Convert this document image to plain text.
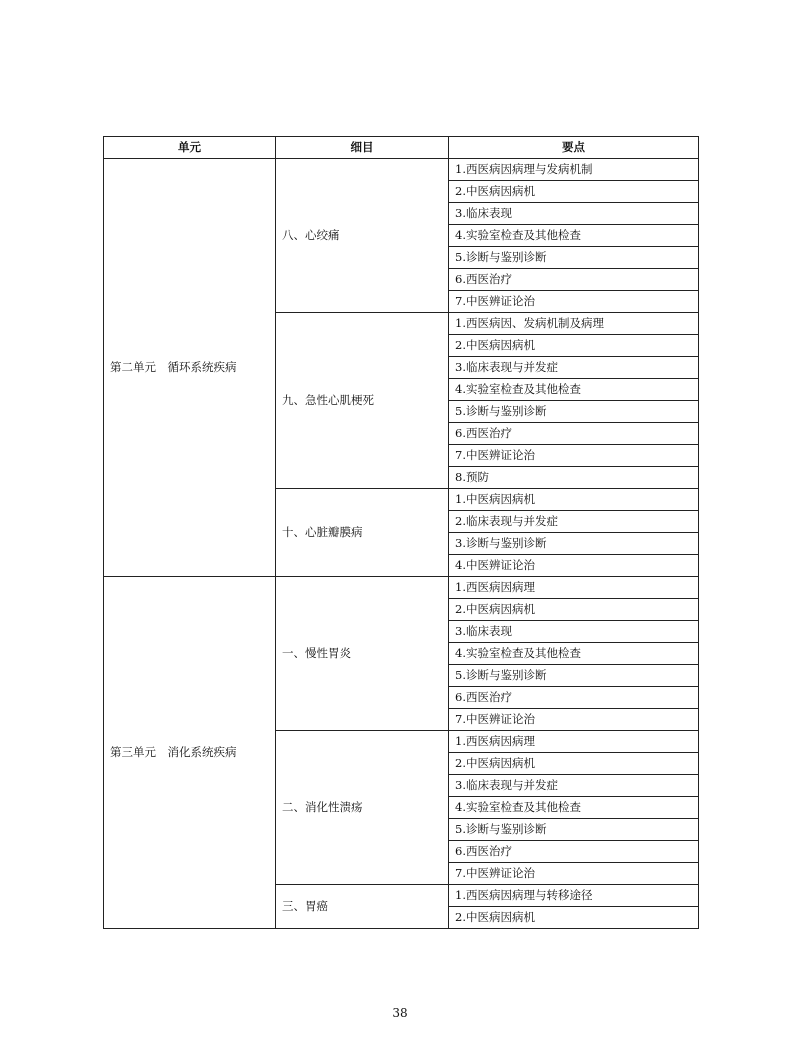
单元	细目	要点
第二单元　循环系统疾病	八、心绞痛	1.西医病因病理与发病机制
		2.中医病因病机
		3.临床表现
		4.实验室检查及其他检查
		5.诊断与鉴别诊断
		6.西医治疗
		7.中医辨证论治
	九、急性心肌梗死	1.西医病因、发病机制及病理
		2.中医病因病机
		3.临床表现与并发症
		4.实验室检查及其他检查
		5.诊断与鉴别诊断
		6.西医治疗
		7.中医辨证论治
		8.预防
	十、心脏瓣膜病	1.中医病因病机
		2.临床表现与并发症
		3.诊断与鉴别诊断
		4.中医辨证论治
第三单元　消化系统疾病	一、慢性胃炎	1.西医病因病理
		2.中医病因病机
		3.临床表现
		4.实验室检查及其他检查
		5.诊断与鉴别诊断
		6.西医治疗
		7.中医辨证论治
	二、消化性溃疡	1.西医病因病理
		2.中医病因病机
		3.临床表现与并发症
		4.实验室检查及其他检查
		5.诊断与鉴别诊断
		6.西医治疗
		7.中医辨证论治
	三、胃癌	1.西医病因病理与转移途径
		2.中医病因病机
38
